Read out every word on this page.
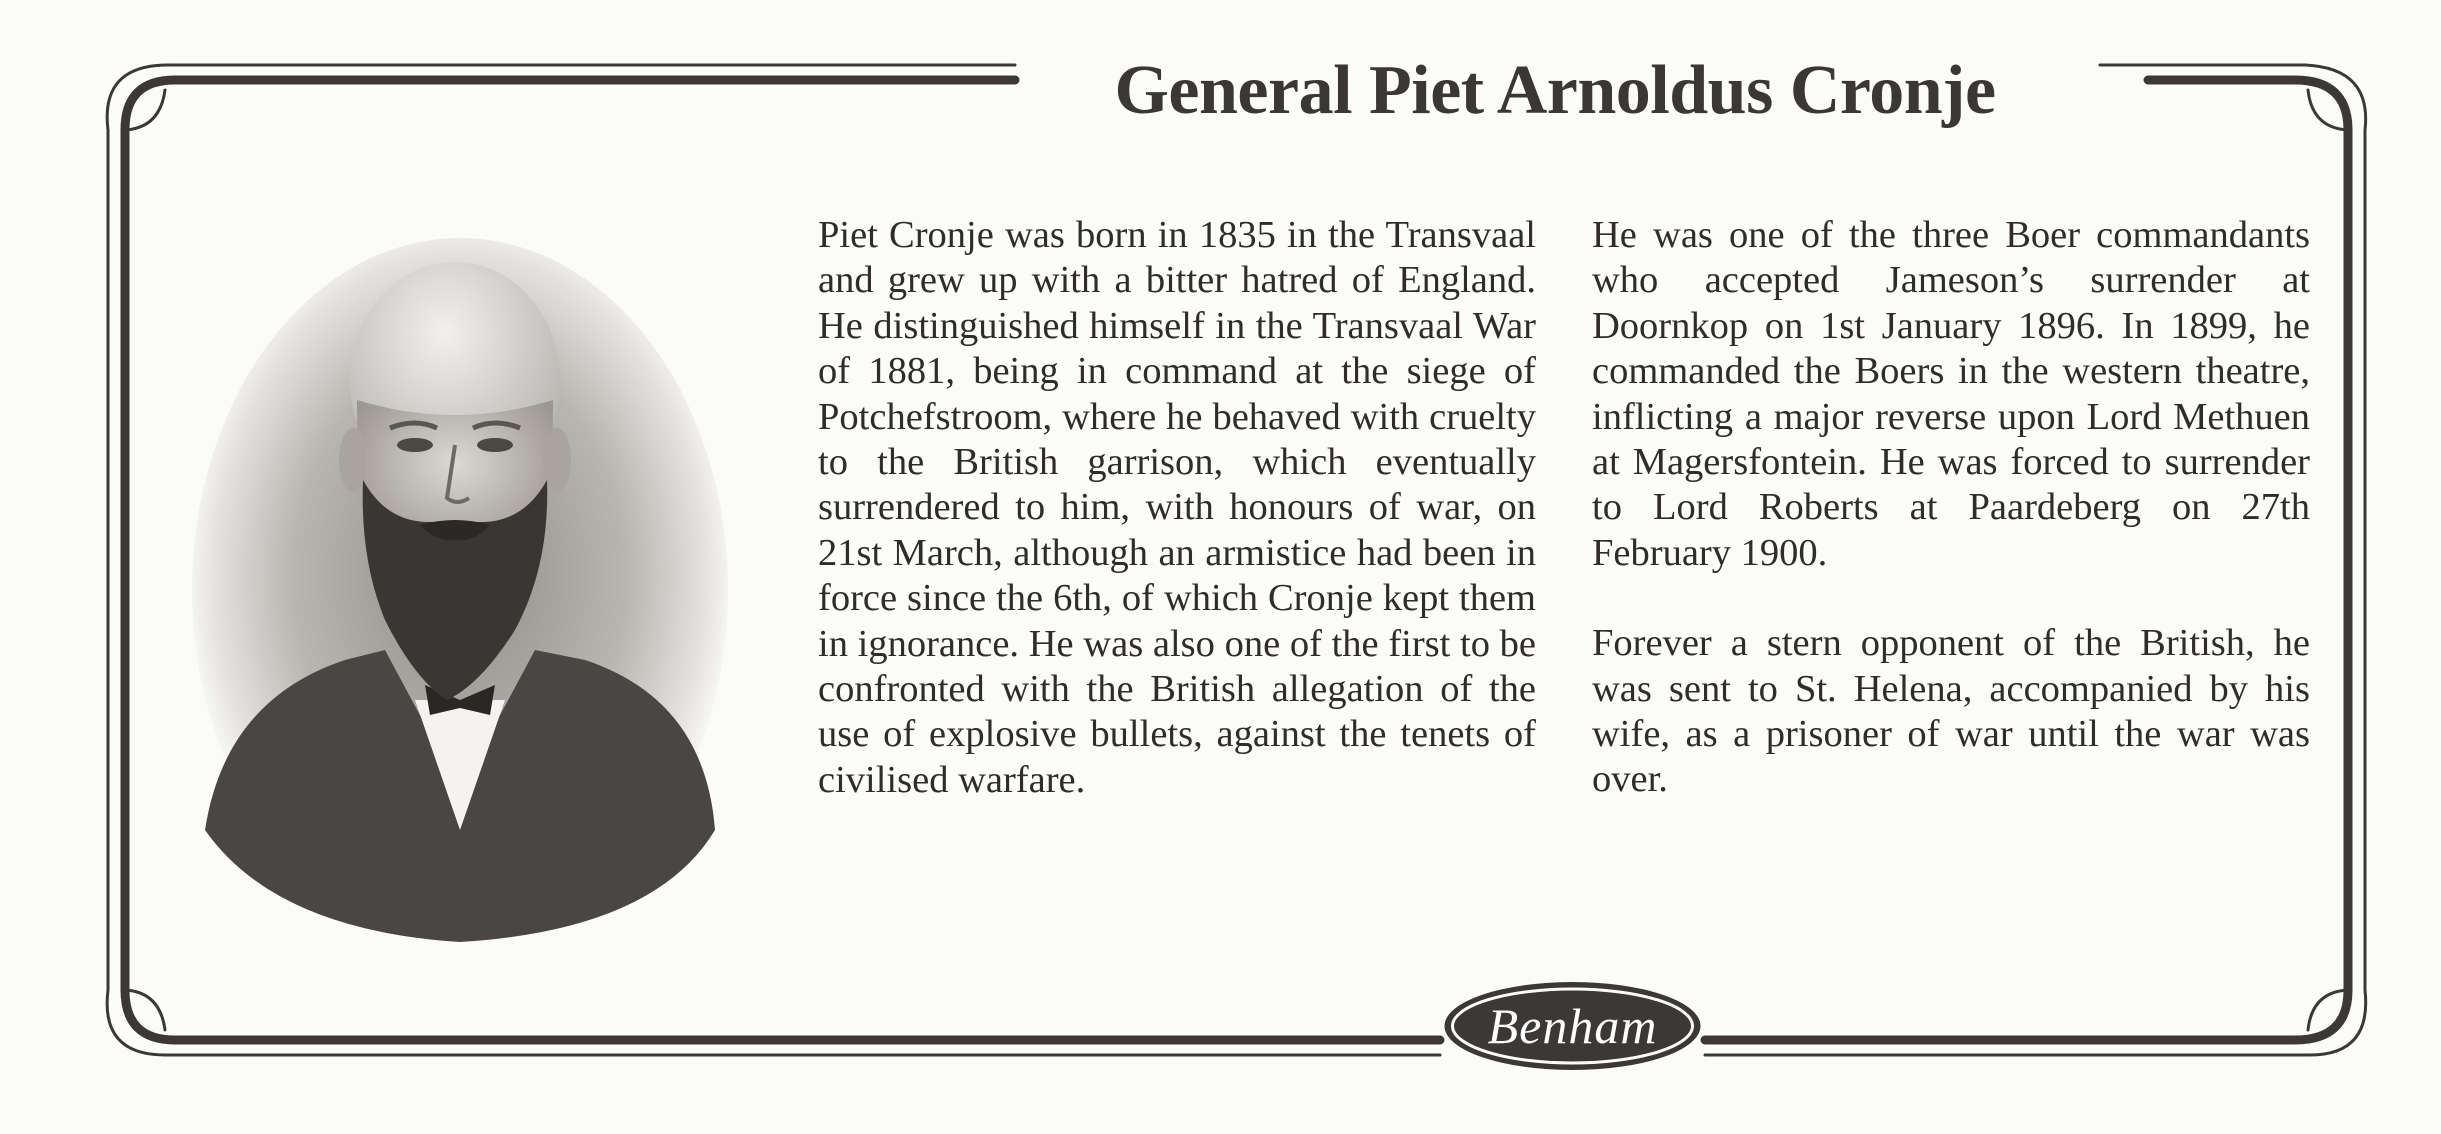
General Piet Arnoldus Cronje

Piet Cronje was born in 1835 in the Transvaal and grew up with a bitter hatred of England. He distinguished himself in the Transvaal War of 1881, being in command at the siege of Potchefstroom, where he behaved with cruelty to the British garrison, which eventually surrendered to him, with honours of war, on 21st March, although an armistice had been in force since the 6th, of which Cronje kept them in ignorance. He was also one of the first to be confronted with the British allegation of the use of explosive bullets, against the tenets of civilised warfare.

He was one of the three Boer commandants who accepted Jameson’s surrender at Doornkop on 1st January 1896. In 1899, he commanded the Boers in the western theatre, inflicting a major reverse upon Lord Methuen at Magersfontein. He was forced to surrender to Lord Roberts at Paardeberg on 27th February 1900.

Forever a stern opponent of the British, he was sent to St. Helena, accompanied by his wife, as a prisoner of war until the war was over.

Benham
